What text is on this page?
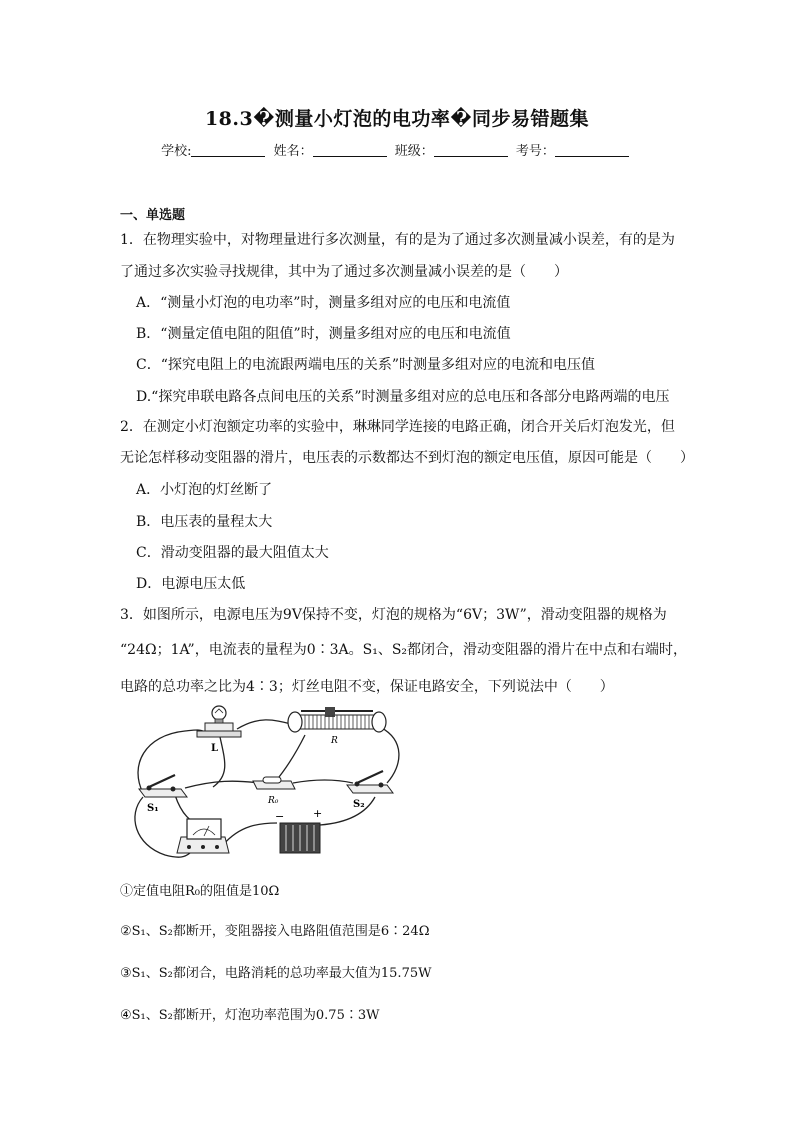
18.3�测量小灯泡的电功率�同步易错题集
学校:	姓名：	班级：	考号：
一、单选题
1．在物理实验中，对物理量进行多次测量，有的是为了通过多次测量减小误差，有的是为
了通过多次实验寻找规律，其中为了通过多次测量减小误差的是（　　）
A．“测量小灯泡的电功率”时，测量多组对应的电压和电流值
B．“测量定值电阻的阻值”时，测量多组对应的电压和电流值
C．“探究电阻上的电流跟两端电压的关系”时测量多组对应的电流和电压值
D.“探究串联电路各点间电压的关系”时测量多组对应的总电压和各部分电路两端的电压
2．在测定小灯泡额定功率的实验中，琳琳同学连接的电路正确，闭合开关后灯泡发光，但
无论怎样移动变阻器的滑片，电压表的示数都达不到灯泡的额定电压值，原因可能是（　　）
A．小灯泡的灯丝断了
B．电压表的量程太大
C．滑动变阻器的最大阻值太大
D．电源电压太低
3．如图所示，电源电压为9V保持不变，灯泡的规格为“6V；3W”，滑动变阻器的规格为
“24Ω；1A”，电流表的量程为0∶3A。S₁、S₂都闭合，滑动变阻器的滑片在中点和右端时，
电路的总功率之比为4∶3；灯丝电阻不变，保证电路安全，下列说法中（　　）
L
R
S₁
R₀	S₂
−	+
①定值电阻R₀的阻值是10Ω
②S₁、S₂都断开，变阻器接入电路阻值范围是6∶24Ω
③S₁、S₂都闭合，电路消耗的总功率最大值为15.75W
④S₁、S₂都断开，灯泡功率范围为0.75∶3W
